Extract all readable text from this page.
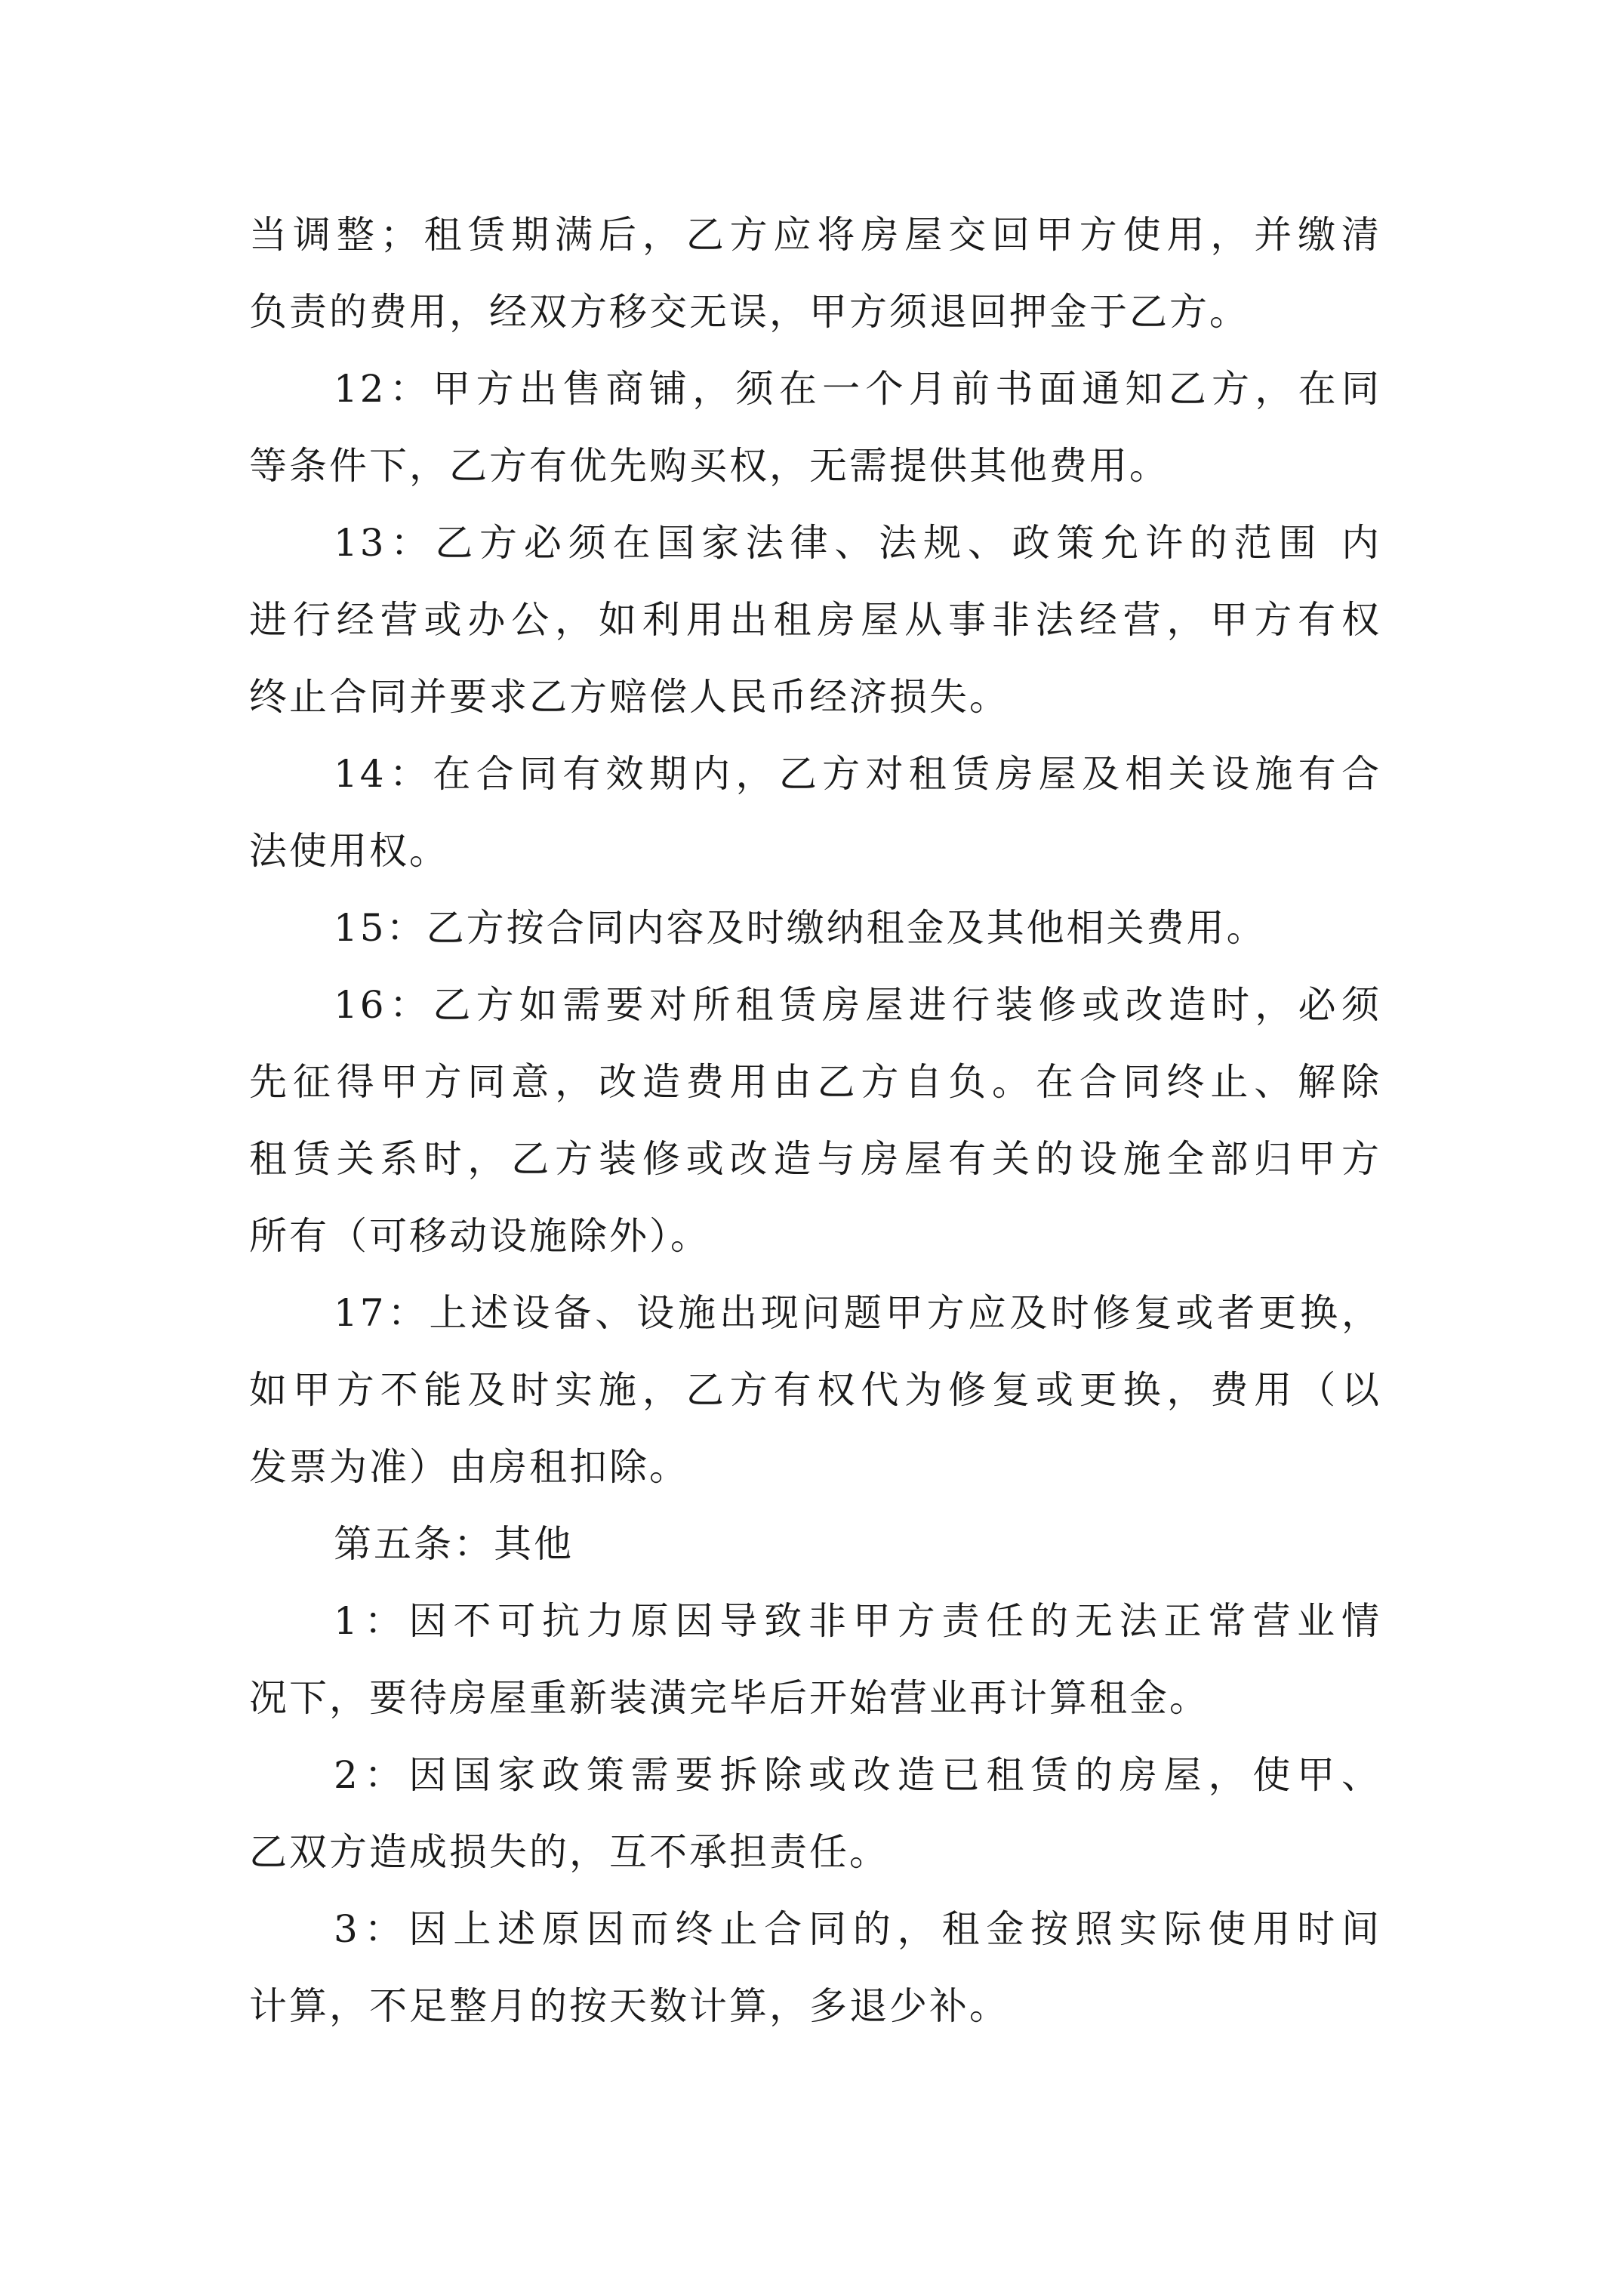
当调整；租赁期满后，乙方应将房屋交回甲方使用，并缴清
负责的费用，经双方移交无误，甲方须退回押金于乙方。
12：甲方出售商铺，须在一个月前书面通知乙方，在同
等条件下，乙方有优先购买权，无需提供其他费用。
13：乙方必须在国家法律、法规、政策允许的范围 内
进行经营或办公，如利用出租房屋从事非法经营，甲方有权
终止合同并要求乙方赔偿人民币经济损失。
14：在合同有效期内，乙方对租赁房屋及相关设施有合
法使用权。
15：乙方按合同内容及时缴纳租金及其他相关费用。
16：乙方如需要对所租赁房屋进行装修或改造时，必须
先征得甲方同意，改造费用由乙方自负。在合同终止、解除
租赁关系时，乙方装修或改造与房屋有关的设施全部归甲方
所有（可移动设施除外）。
17：上述设备、设施出现问题甲方应及时修复或者更换，
如甲方不能及时实施，乙方有权代为修复或更换，费用（以
发票为准）由房租扣除。
第五条：其他
1：因不可抗力原因导致非甲方责任的无法正常营业情
况下，要待房屋重新装潢完毕后开始营业再计算租金。
2：因国家政策需要拆除或改造已租赁的房屋，使甲、
乙双方造成损失的，互不承担责任。
3：因上述原因而终止合同的，租金按照实际使用时间
计算，不足整月的按天数计算，多退少补。
